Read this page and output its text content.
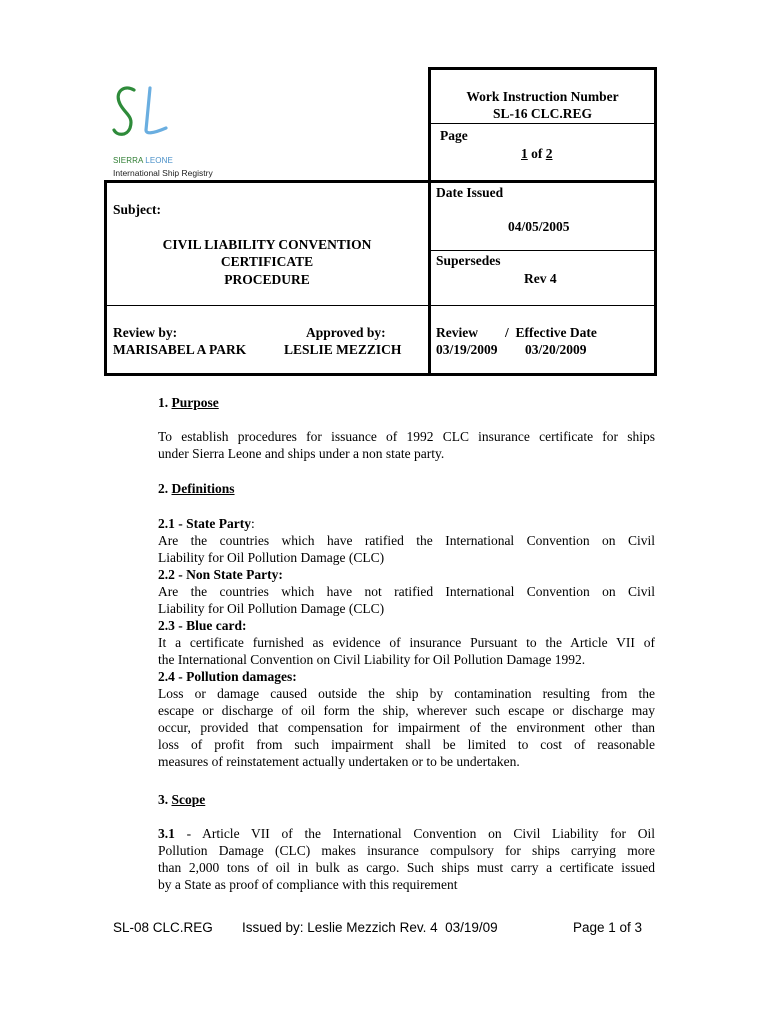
SIERRA LEONE
International Ship Registry
Work Instruction Number
SL-16 CLC.REG
Page
1 of 2
Date Issued
04/05/2005
Supersedes
Rev 4
Subject:
CIVIL LIABILITY CONVENTION
CERTIFICATE
PROCEDURE
Review by:
MARISABEL A PARK
Approved by:
LESLIE MEZZICH
Review /  Effective Date
03/19/2009 03/20/2009
1. Purpose
To establish procedures for issuance of 1992 CLC insurance certificate for ships
under Sierra Leone and ships under a non state party.
2. Definitions
2.1 - State Party:
Are the countries which have ratified the International Convention on Civil
Liability for Oil Pollution Damage (CLC)
2.2 - Non State Party:
Are the countries which have not ratified International Convention on Civil
Liability for Oil Pollution Damage (CLC)
2.3 - Blue card:
It a certificate furnished as evidence of insurance Pursuant to the Article VII of
the International Convention on Civil Liability for Oil Pollution Damage 1992.
2.4 - Pollution damages:
Loss or damage caused outside the ship by contamination resulting from the
escape or discharge of oil form the ship, wherever such escape or discharge may
occur, provided that compensation for impairment of the environment other than
loss of profit from such impairment shall be limited to cost of reasonable
measures of reinstatement actually undertaken or to be undertaken.
3. Scope
3.1 - Article VII of the International Convention on Civil Liability for Oil
Pollution Damage (CLC) makes insurance compulsory for ships carrying more
than 2,000 tons of oil in bulk as cargo. Such ships must carry a certificate issued
by a State as proof of compliance with this requirement
SL-08 CLC.REG Issued by: Leslie Mezzich Rev. 4  03/19/09	Page 1 of 3
